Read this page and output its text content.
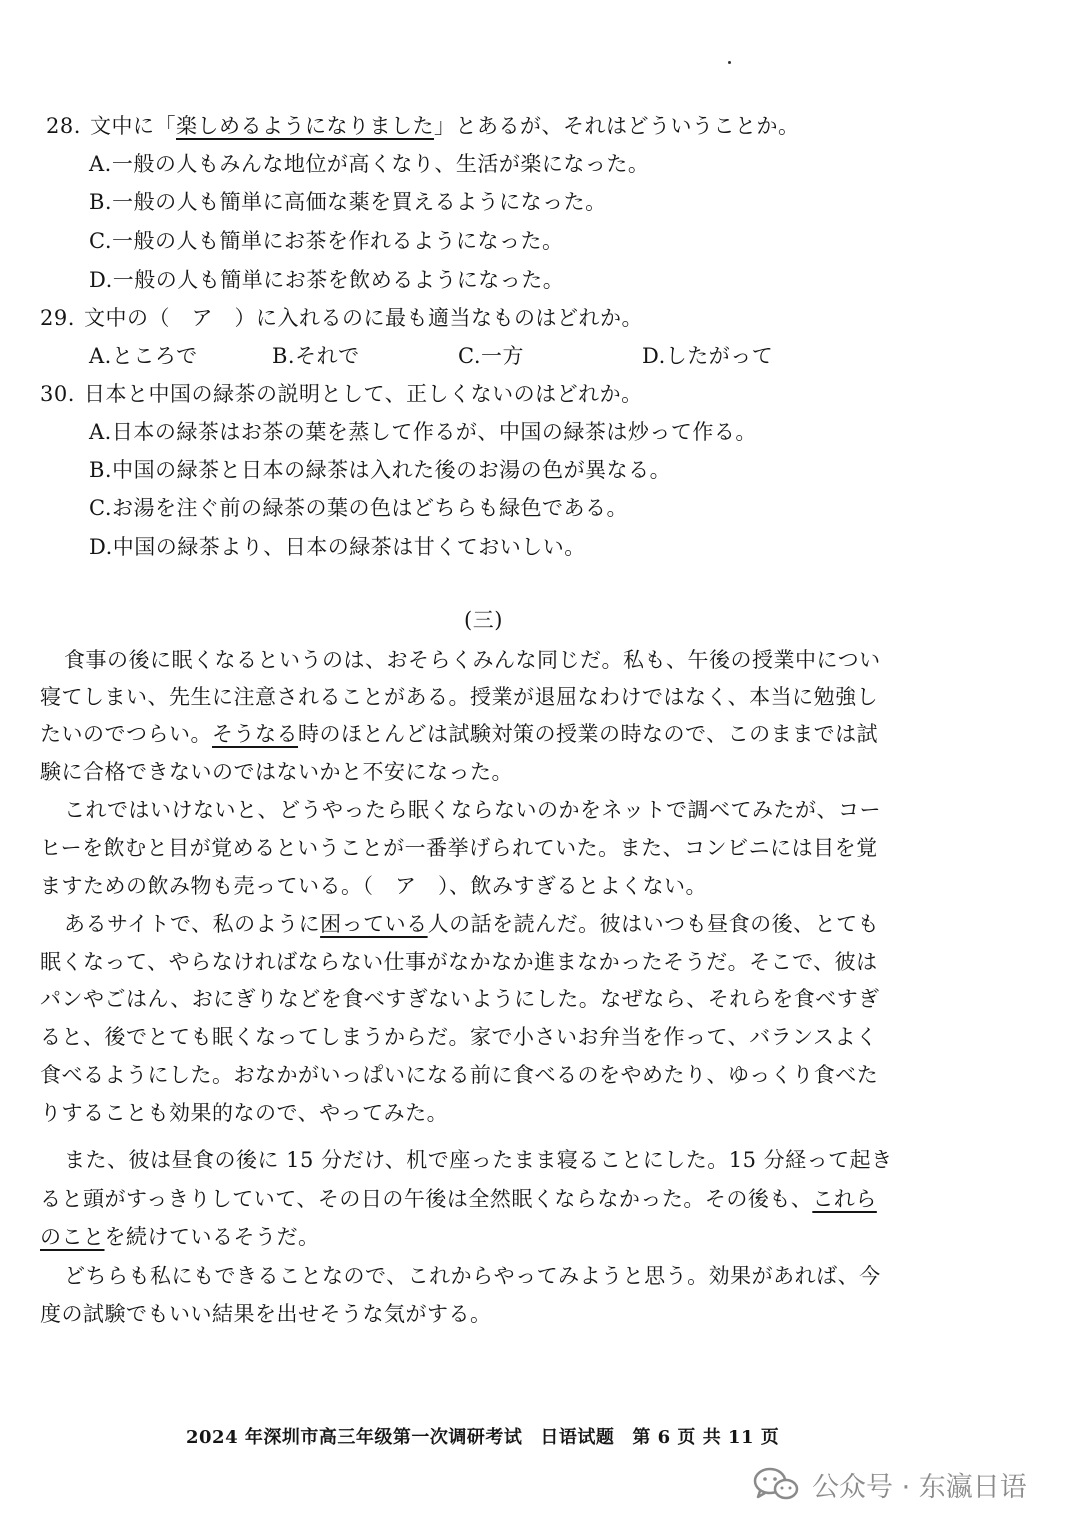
28. 文中に「楽しめるようになりました」とあるが、それはどういうことか。
A.一般の人もみんな地位が高くなり、生活が楽になった。
B.一般の人も簡単に高価な薬を買えるようになった。
C.一般の人も簡単にお茶を作れるようになった。
D.一般の人も簡単にお茶を飲めるようになった。
29. 文中の（　ア　）に入れるのに最も適当なものはどれか。
A.ところで	B.それで	C.一方	D.したがって
30. 日本と中国の緑茶の説明として、正しくないのはどれか。
A.日本の緑茶はお茶の葉を蒸して作るが、中国の緑茶は炒って作る。
B.中国の緑茶と日本の緑茶は入れた後のお湯の色が異なる。
C.お湯を注ぐ前の緑茶の葉の色はどちらも緑色である。
D.中国の緑茶より、日本の緑茶は甘くておいしい。
(三)
食事の後に眠くなるというのは、おそらくみんな同じだ。私も、午後の授業中につい
寝てしまい、先生に注意されることがある。授業が退屈なわけではなく、本当に勉強し
たいのでつらい。そうなる時のほとんどは試験対策の授業の時なので、このままでは試
験に合格できないのではないかと不安になった。
これではいけないと、どうやったら眠くならないのかをネットで調べてみたが、コー
ヒーを飲むと目が覚めるということが一番挙げられていた。また、コンビニには目を覚
ますための飲み物も売っている。（　ア　）、飲みすぎるとよくない。
あるサイトで、私のように困っている人の話を読んだ。彼はいつも昼食の後、とても
眠くなって、やらなければならない仕事がなかなか進まなかったそうだ。そこで、彼は
パンやごはん、おにぎりなどを食べすぎないようにした。なぜなら、それらを食べすぎ
ると、後でとても眠くなってしまうからだ。家で小さいお弁当を作って、バランスよく
食べるようにした。おなかがいっぱいになる前に食べるのをやめたり、ゆっくり食べた
りすることも効果的なので、やってみた。
また、彼は昼食の後に 15 分だけ、机で座ったまま寝ることにした。15 分経って起き
ると頭がすっきりしていて、その日の午後は全然眠くならなかった。その後も、これら
のことを続けているそうだ。
どちらも私にもできることなので、これからやってみようと思う。効果があれば、今
度の試験でもいい結果を出せそうな気がする。
2024 年深圳市高三年级第一次调研考试 日语试题 第 6 页 共 11 页
公众号 · 东瀛日语
